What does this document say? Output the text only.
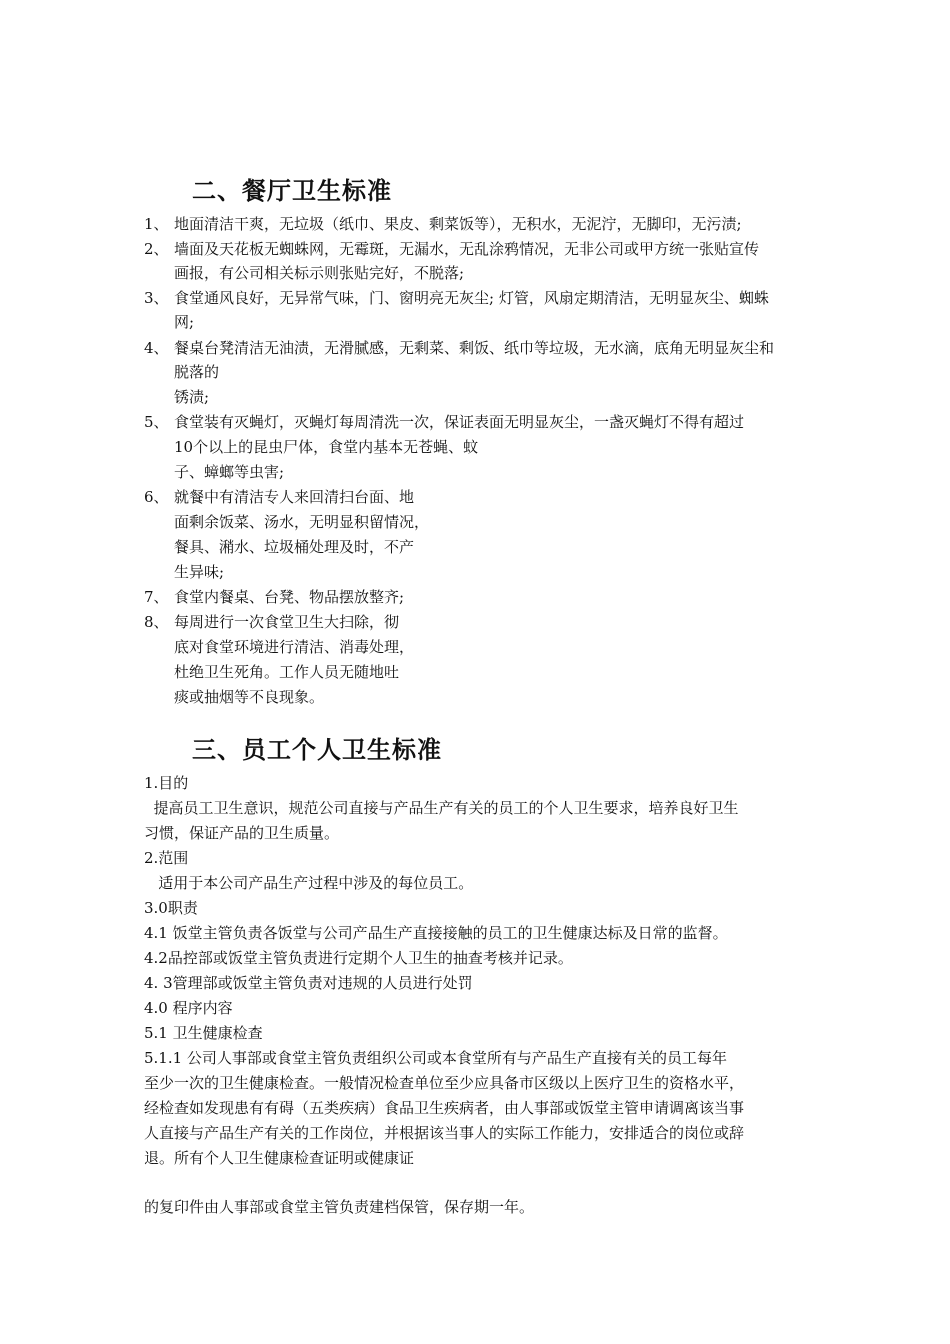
二、餐厅卫生标准
1、 地面清洁干爽，无垃圾（纸巾、果皮、剩菜饭等），无积水，无泥泞，无脚印，无污渍;
2、 墙面及天花板无蜘蛛网，无霉斑，无漏水，无乱涂鸦情况，无非公司或甲方统一张贴宣传
画报，有公司相关标示则张贴完好，不脱落;
3、 食堂通风良好，无异常气味，门、窗明亮无灰尘; 灯管，风扇定期清洁，无明显灰尘、蜘蛛
网;
4、 餐桌台凳清洁无油渍，无滑腻感，无剩菜、剩饭、纸巾等垃圾，无水滴，底角无明显灰尘和
脱落的
锈渍;
5、 食堂装有灭蝇灯，灭蝇灯每周清洗一次，保证表面无明显灰尘，一盏灭蝇灯不得有超过
10个以上的昆虫尸体，食堂内基本无苍蝇、蚊
子、蟑螂等虫害;
6、 就餐中有清洁专人来回清扫台面、地
面剩余饭菜、汤水，无明显积留情况，
餐具、潲水、垃圾桶处理及时，不产
生异味;
7、 食堂内餐桌、台凳、物品摆放整齐;
8、 每周进行一次食堂卫生大扫除，彻
底对食堂环境进行清洁、消毒处理，
杜绝卫生死角。工作人员无随地吐
痰或抽烟等不良现象。
三、员工个人卫生标准
1.目的
提高员工卫生意识，规范公司直接与产品生产有关的员工的个人卫生要求，培养良好卫生
习惯，保证产品的卫生质量。
2.范围
适用于本公司产品生产过程中涉及的每位员工。
3.0职责
4.1 饭堂主管负责各饭堂与公司产品生产直接接触的员工的卫生健康达标及日常的监督。
4.2品控部或饭堂主管负责进行定期个人卫生的抽查考核并记录。
4. 3管理部或饭堂主管负责对违规的人员进行处罚
4.0 程序内容
5.1 卫生健康检查
5.1.1 公司人事部或食堂主管负责组织公司或本食堂所有与产品生产直接有关的员工每年
至少一次的卫生健康检查。一般情况检查单位至少应具备市区级以上医疗卫生的资格水平，
经检查如发现患有有碍（五类疾病）食品卫生疾病者，由人事部或饭堂主管申请调离该当事
人直接与产品生产有关的工作岗位，并根据该当事人的实际工作能力，安排适合的岗位或辞
退。所有个人卫生健康检查证明或健康证
的复印件由人事部或食堂主管负责建档保管，保存期一年。
